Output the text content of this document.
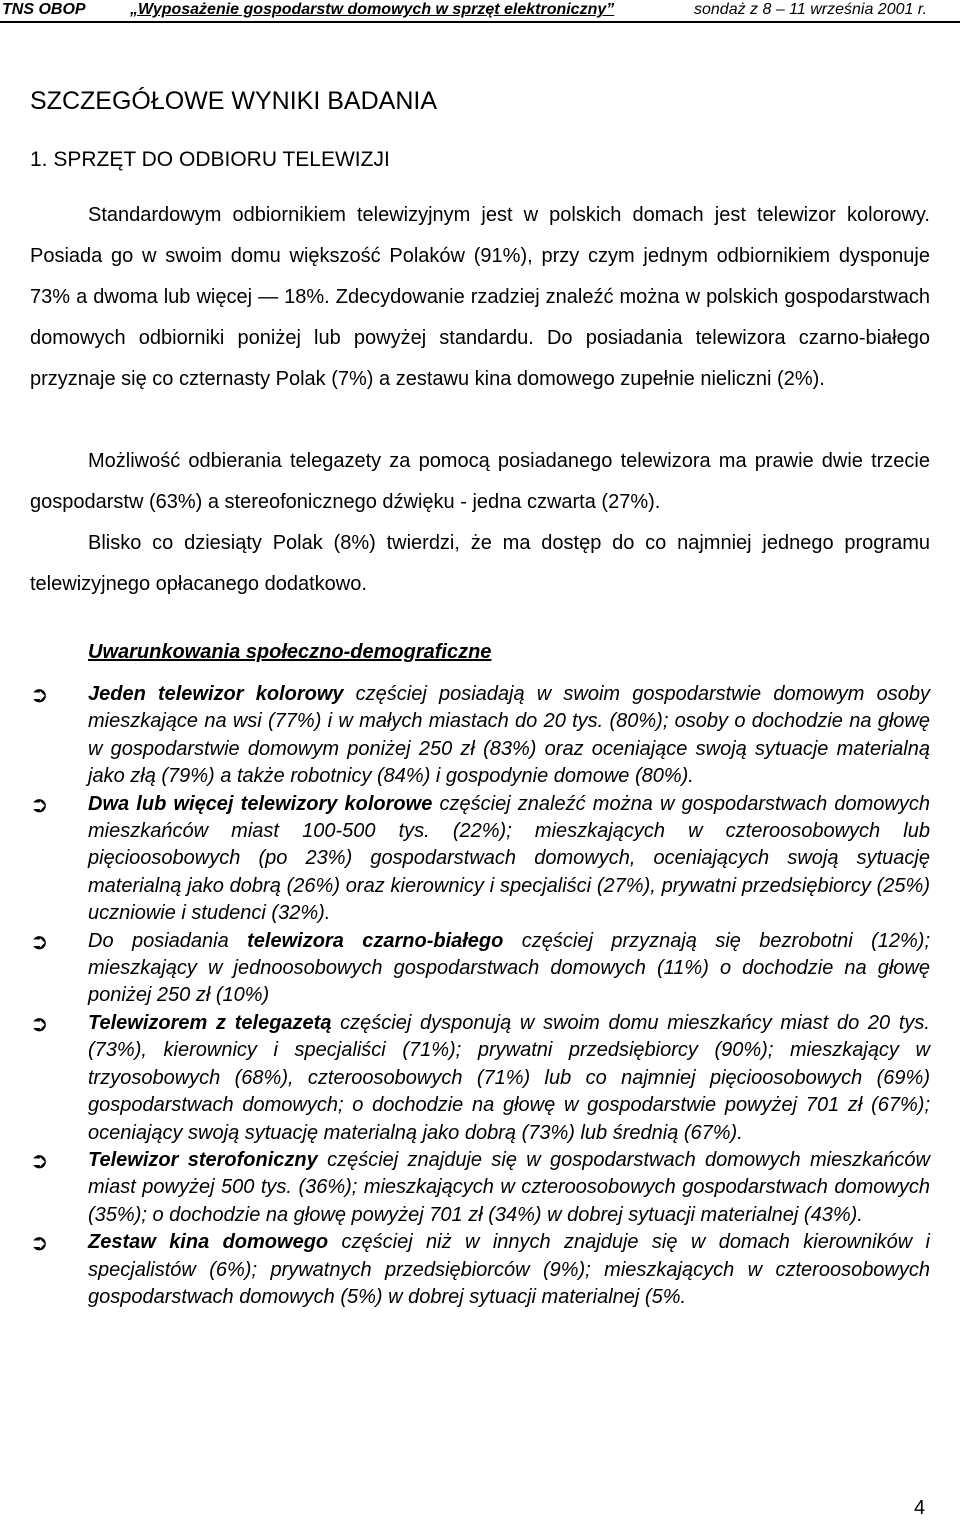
TNS OBOP	„Wyposażenie gospodarstw domowych w sprzęt elektroniczny”	sondaż z 8 – 11 września 2001 r.
SZCZEGÓŁOWE WYNIKI BADANIA
1. SPRZĘT DO ODBIORU TELEWIZJI

Standardowym odbiornikiem telewizyjnym jest w polskich domach jest telewizor kolorowy. Posiada go w swoim domu większość Polaków (91%), przy czym jednym odbiornikiem dysponuje 73% a dwoma lub więcej — 18%. Zdecydowanie rzadziej znaleźć można w polskich gospodarstwach domowych odbiorniki poniżej lub powyżej standardu. Do posiadania telewizora czarno-białego przyznaje się co czternasty Polak (7%) a zestawu kina domowego zupełnie nieliczni (2%).

Możliwość odbierania telegazety za pomocą posiadanego telewizora ma prawie dwie trzecie gospodarstw (63%) a stereofonicznego dźwięku - jedna czwarta (27%).

Blisko co dziesiąty Polak (8%) twierdzi, że ma dostęp do co najmniej jednego programu telewizyjnego opłacanego dodatkowo.

Uwarunkowania społeczno-demograficzne
➲ Jeden telewizor kolorowy częściej posiadają w swoim gospodarstwie domowym osoby mieszkające na wsi (77%) i w małych miastach do 20 tys. (80%); osoby o dochodzie na głowę w gospodarstwie domowym poniżej 250 zł (83%) oraz oceniające swoją sytuacje materialną jako złą (79%) a także robotnicy (84%) i gospodynie domowe (80%).
➲ Dwa lub więcej telewizory kolorowe częściej znaleźć można w gospodarstwach domowych mieszkańców miast 100-500 tys. (22%); mieszkających w czteroosobowych lub pięcioosobowych (po 23%) gospodarstwach domowych, oceniających swoją sytuację materialną jako dobrą (26%) oraz kierownicy i specjaliści (27%), prywatni przedsiębiorcy (25%) uczniowie i studenci (32%).
➲ Do posiadania telewizora czarno-białego częściej przyznają się bezrobotni (12%); mieszkający w jednoosobowych gospodarstwach domowych (11%) o dochodzie na głowę poniżej 250 zł (10%)
➲ Telewizorem z telegazetą częściej dysponują w swoim domu mieszkańcy miast do 20 tys. (73%), kierownicy i specjaliści (71%); prywatni przedsiębiorcy (90%); mieszkający w trzyosobowych (68%), czteroosobowych (71%) lub co najmniej pięcioosobowych (69%) gospodarstwach domowych; o dochodzie na głowę w gospodarstwie powyżej 701 zł (67%); oceniający swoją sytuację materialną jako dobrą (73%) lub średnią (67%).
➲ Telewizor sterofoniczny częściej znajduje się w gospodarstwach domowych mieszkańców miast powyżej 500 tys. (36%); mieszkających w czteroosobowych gospodarstwach domowych (35%); o dochodzie na głowę powyżej 701 zł (34%) w dobrej sytuacji materialnej (43%).
➲ Zestaw kina domowego częściej niż w innych znajduje się w domach kierowników i specjalistów (6%); prywatnych przedsiębiorców (9%); mieszkających w czteroosobowych gospodarstwach domowych (5%) w dobrej sytuacji materialnej (5%.
4
